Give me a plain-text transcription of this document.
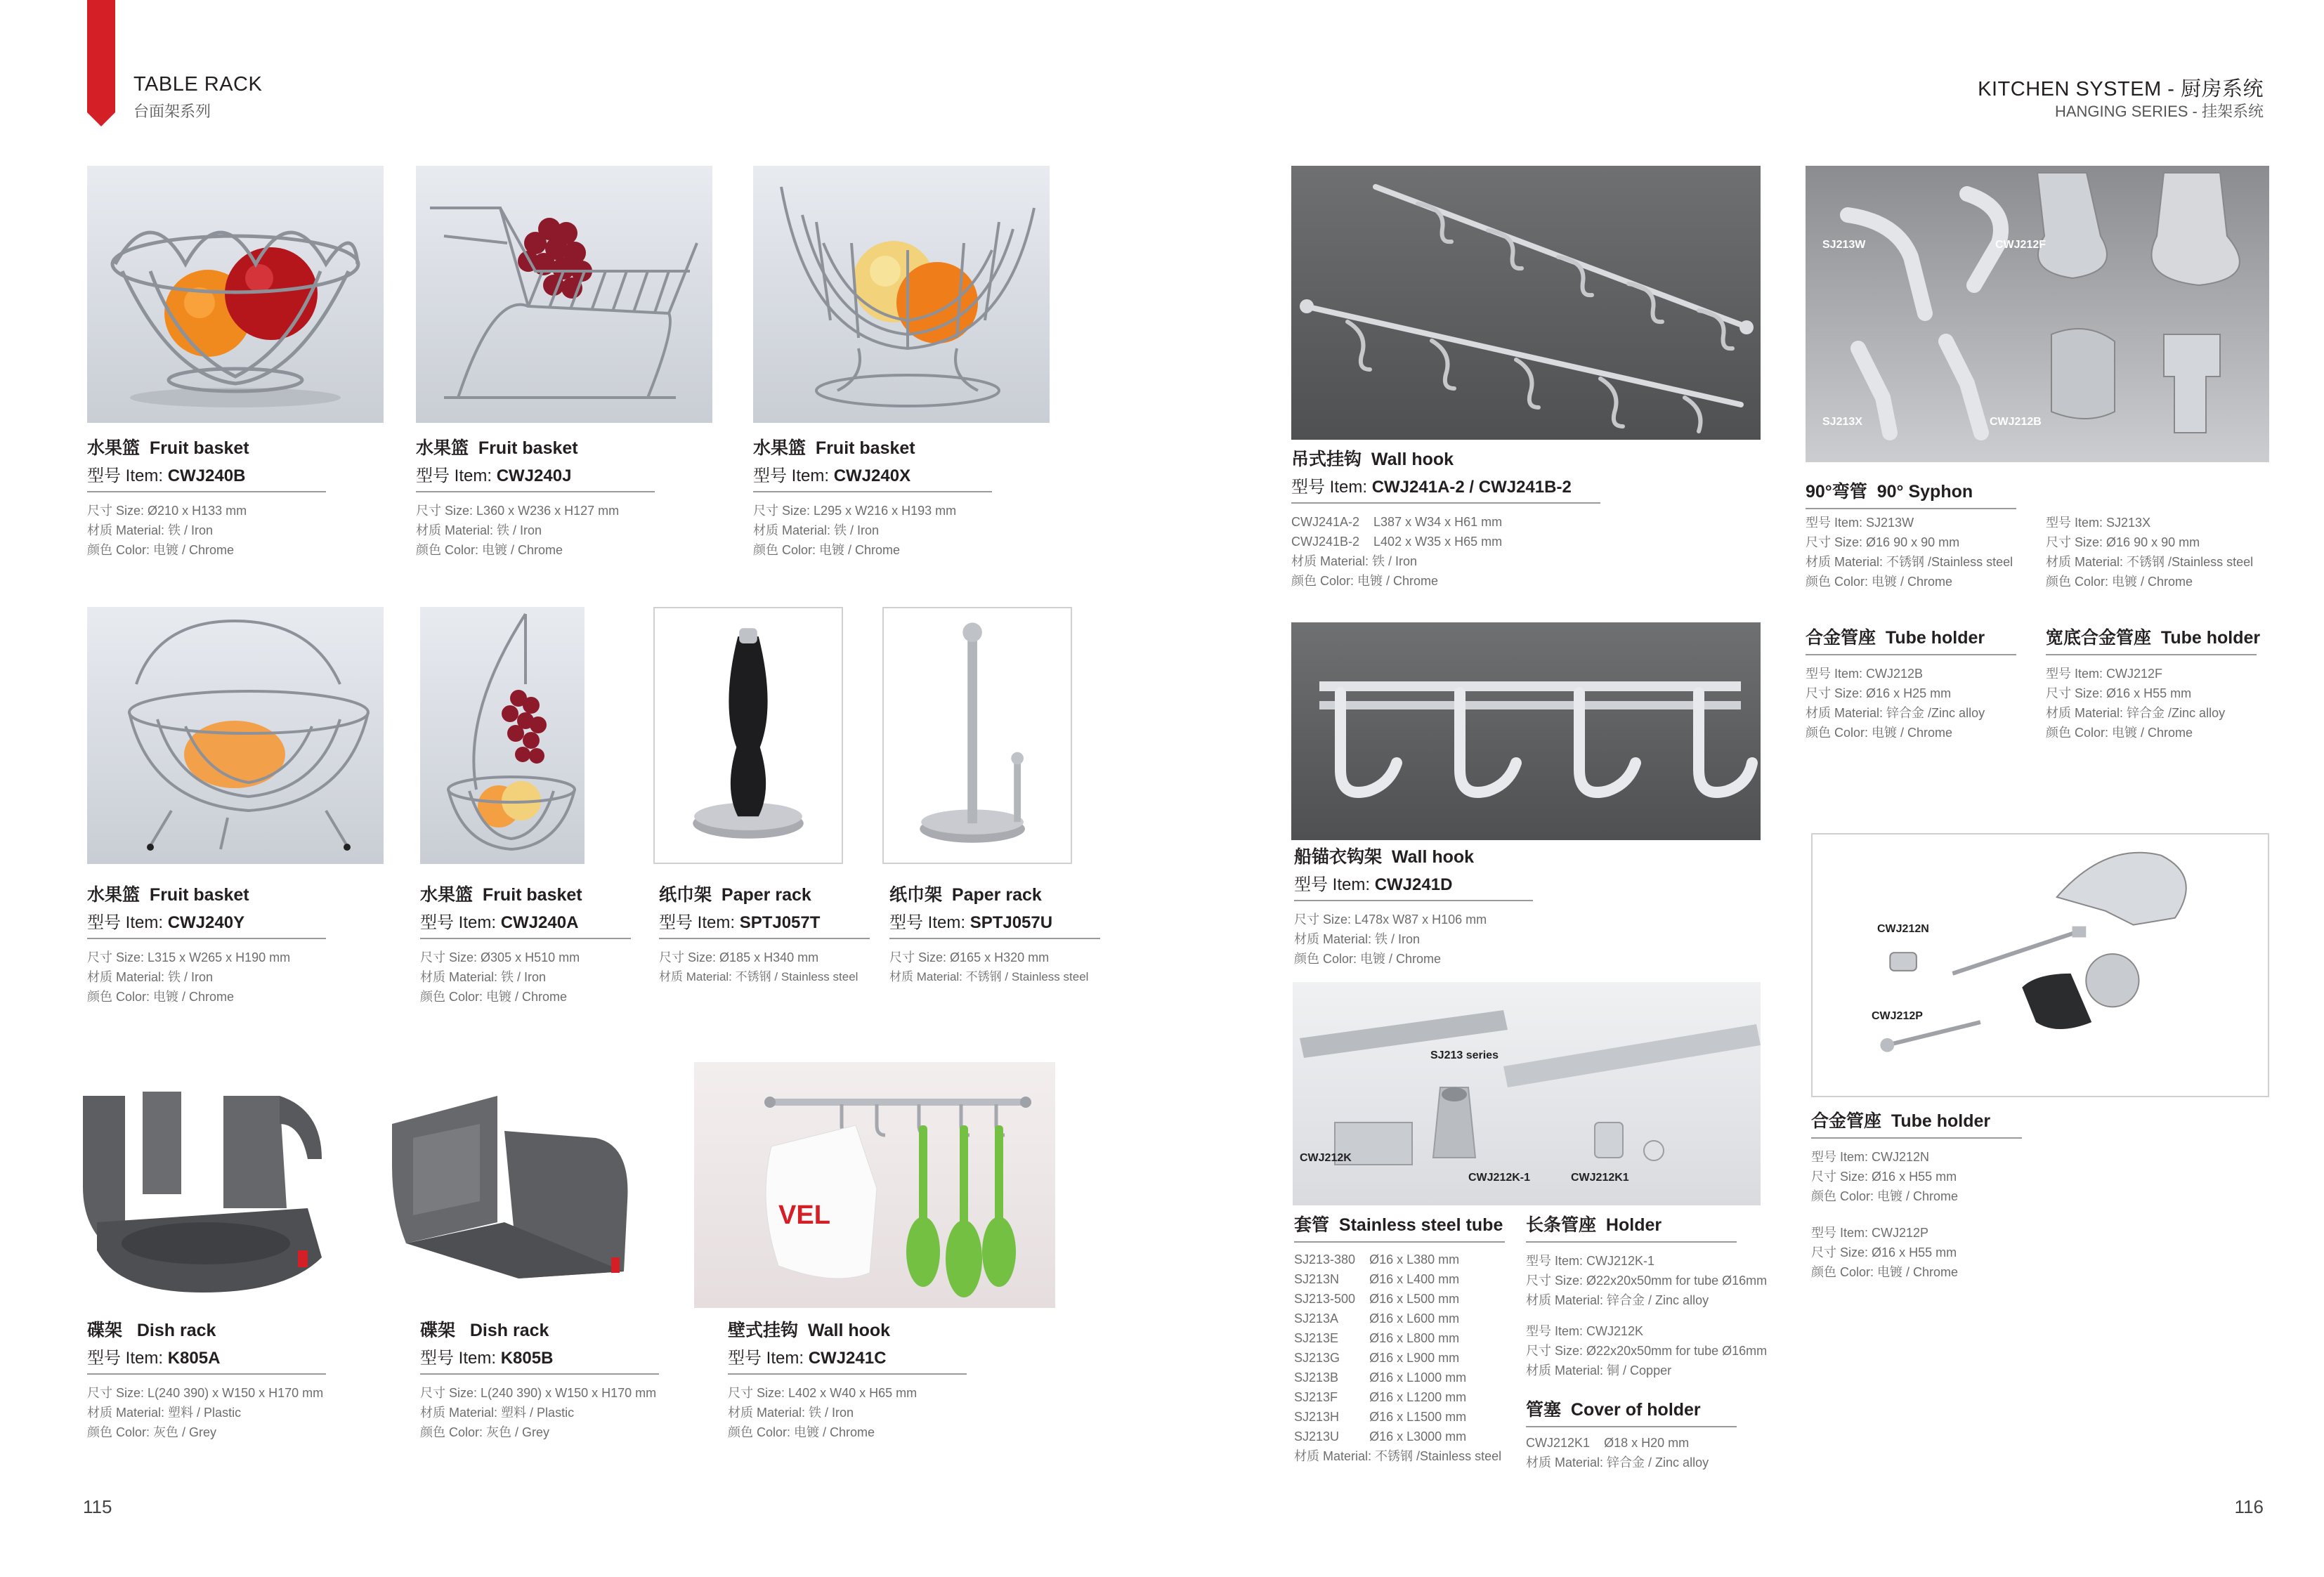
TABLE RACK
台面架系列
KITCHEN SYSTEM - 厨房系统
HANGING SERIES - 挂架系统
115	116
水果篮 Fruit basket
型号 Item: CWJ240B
尺寸 Size: Ø210 x H133 mm
材质 Material: 铁 / Iron
颜色 Color: 电镀 / Chrome
水果篮 Fruit basket
型号 Item: CWJ240J
尺寸 Size: L360 x W236 x H127 mm
材质 Material: 铁 / Iron
颜色 Color: 电镀 / Chrome
水果篮 Fruit basket
型号 Item: CWJ240X
尺寸 Size: L295 x W216 x H193 mm
材质 Material: 铁 / Iron
颜色 Color: 电镀 / Chrome
水果篮 Fruit basket
型号 Item: CWJ240Y
尺寸 Size: L315 x W265 x H190 mm
材质 Material: 铁 / Iron
颜色 Color: 电镀 / Chrome
水果篮 Fruit basket
型号 Item: CWJ240A
尺寸 Size: Ø305 x H510 mm
材质 Material: 铁 / Iron
颜色 Color: 电镀 / Chrome
纸巾架 Paper rack
型号 Item: SPTJ057T
尺寸 Size: Ø185 x H340 mm
材质 Material: 不锈钢 / Stainless steel
纸巾架 Paper rack
型号 Item: SPTJ057U
尺寸 Size: Ø165 x H320 mm
材质 Material: 不锈钢 / Stainless steel
VEL
碟架 Dish rack
型号 Item: K805A
尺寸 Size: L(240 390) x W150 x H170 mm
材质 Material: 塑料 / Plastic
颜色 Color: 灰色 / Grey
碟架 Dish rack
型号 Item: K805B
尺寸 Size: L(240 390) x W150 x H170 mm
材质 Material: 塑料 / Plastic
颜色 Color: 灰色 / Grey
壁式挂钩 Wall hook
型号 Item: CWJ241C
尺寸 Size: L402 x W40 x H65 mm
材质 Material: 铁 / Iron
颜色 Color: 电镀 / Chrome
吊式挂钩 Wall hook
型号 Item: CWJ241A-2 / CWJ241B-2
CWJ241A-2	L387 x W34 x H61 mm
CWJ241B-2	L402 x W35 x H65 mm
材质 Material: 铁 / Iron
颜色 Color: 电镀 / Chrome
船锚衣钩架 Wall hook
型号 Item: CWJ241D
尺寸 Size: L478x W87 x H106 mm
材质 Material: 铁 / Iron
颜色 Color: 电镀 / Chrome
SJ213 series
CWJ212K
CWJ212K-1	CWJ212K1
套管 Stainless steel tube
SJ213-380	Ø16 x L380 mm
SJ213N	Ø16 x L400 mm
SJ213-500	Ø16 x L500 mm
SJ213A	Ø16 x L600 mm
SJ213E	Ø16 x L800 mm
SJ213G	Ø16 x L900 mm
SJ213B	Ø16 x L1000 mm
SJ213F	Ø16 x L1200 mm
SJ213H	Ø16 x L1500 mm
SJ213U	Ø16 x L3000 mm
材质 Material: 不锈钢 /Stainless steel
长条管座 Holder
型号 Item: CWJ212K-1
尺寸 Size: Ø22x20x50mm for tube Ø16mm
材质 Material: 锌合金 / Zinc alloy
型号 Item: CWJ212K
尺寸 Size: Ø22x20x50mm for tube Ø16mm
材质 Material: 铜 / Copper
管塞 Cover of holder
CWJ212K1 Ø18 x H20 mm
材质 Material: 锌合金 / Zinc alloy
SJ213W	CWJ212F
SJ213X	CWJ212B
90°弯管 90° Syphon
型号 Item: SJ213W
尺寸 Size: Ø16 90 x 90 mm
材质 Material: 不锈钢 /Stainless steel
颜色 Color: 电镀 / Chrome
型号 Item: SJ213X
尺寸 Size: Ø16 90 x 90 mm
材质 Material: 不锈钢 /Stainless steel
颜色 Color: 电镀 / Chrome
合金管座 Tube holder
型号 Item: CWJ212B
尺寸 Size: Ø16 x H25 mm
材质 Material: 锌合金 /Zinc alloy
颜色 Color: 电镀 / Chrome
宽底合金管座 Tube holder
型号 Item: CWJ212F
尺寸 Size: Ø16 x H55 mm
材质 Material: 锌合金 /Zinc alloy
颜色 Color: 电镀 / Chrome
CWJ212N
CWJ212P
合金管座 Tube holder
型号 Item: CWJ212N
尺寸 Size: Ø16 x H55 mm
颜色 Color: 电镀 / Chrome
型号 Item: CWJ212P
尺寸 Size: Ø16 x H55 mm
颜色 Color: 电镀 / Chrome
